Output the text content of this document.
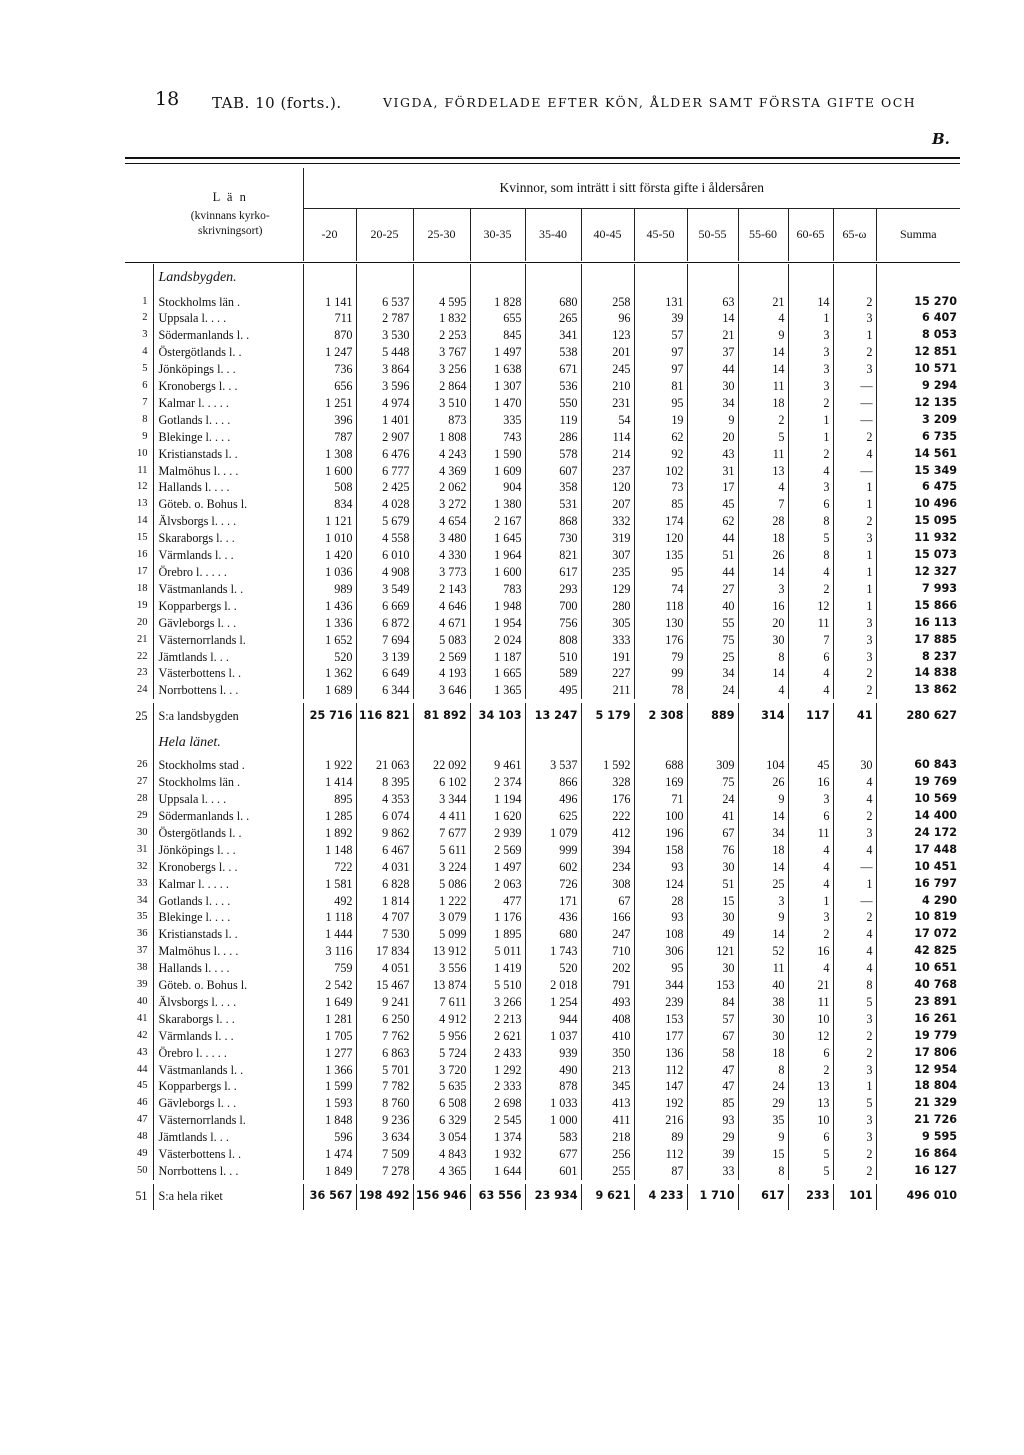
18 TAB. 10 (forts.).	VIGDA, FÖRDELADE EFTER KÖN, ÅLDER SAMT FÖRSTA GIFTE OCH
B.

	L ä n
(kvinnans kyrko-skrivningsort)	Kvinnor, som inträtt i sitt första gifte i åldersåren											
		-20	20-25	25-30	30-35	35-40	40-45	45-50	50-55	55-60	60-65	65-ω	Summa

	Landsbygden.												
1	Stockholms län .	1 141	6 537	4 595	1 828	680	258	131	63	21	14	2	15 270
2	Uppsala l. . . .	711	2 787	1 832	655	265	96	39	14	4	1	3	6 407
3	Södermanlands l. .	870	3 530	2 253	845	341	123	57	21	9	3	1	8 053
4	Östergötlands l. .	1 247	5 448	3 767	1 497	538	201	97	37	14	3	2	12 851
5	Jönköpings l. . .	736	3 864	3 256	1 638	671	245	97	44	14	3	3	10 571
6	Kronobergs l. . .	656	3 596	2 864	1 307	536	210	81	30	11	3	—	9 294
7	Kalmar l. . . . .	1 251	4 974	3 510	1 470	550	231	95	34	18	2	—	12 135
8	Gotlands l. . . .	396	1 401	873	335	119	54	19	9	2	1	—	3 209
9	Blekinge l. . . .	787	2 907	1 808	743	286	114	62	20	5	1	2	6 735
10	Kristianstads l. .	1 308	6 476	4 243	1 590	578	214	92	43	11	2	4	14 561
11	Malmöhus l. . . .	1 600	6 777	4 369	1 609	607	237	102	31	13	4	—	15 349
12	Hallands l. . . .	508	2 425	2 062	904	358	120	73	17	4	3	1	6 475
13	Göteb. o. Bohus l.	834	4 028	3 272	1 380	531	207	85	45	7	6	1	10 496
14	Älvsborgs l. . . .	1 121	5 679	4 654	2 167	868	332	174	62	28	8	2	15 095
15	Skaraborgs l. . .	1 010	4 558	3 480	1 645	730	319	120	44	18	5	3	11 932
16	Värmlands l. . .	1 420	6 010	4 330	1 964	821	307	135	51	26	8	1	15 073
17	Örebro l. . . . .	1 036	4 908	3 773	1 600	617	235	95	44	14	4	1	12 327
18	Västmanlands l. .	989	3 549	2 143	783	293	129	74	27	3	2	1	7 993
19	Kopparbergs l. .	1 436	6 669	4 646	1 948	700	280	118	40	16	12	1	15 866
20	Gävleborgs l. . .	1 336	6 872	4 671	1 954	756	305	130	55	20	11	3	16 113
21	Västernorrlands l.	1 652	7 694	5 083	2 024	808	333	176	75	30	7	3	17 885
22	Jämtlands l. . .	520	3 139	2 569	1 187	510	191	79	25	8	6	3	8 237
23	Västerbottens l. .	1 362	6 649	4 193	1 665	589	227	99	34	14	4	2	14 838
24	Norrbottens l. . .	1 689	6 344	3 646	1 365	495	211	78	24	4	4	2	13 862

25	S:a landsbygden	25 716	116 821	81 892	34 103	13 247	5 179	2 308	889	314	117	41	280 627
	Hela länet.												
26	Stockholms stad .	1 922	21 063	22 092	9 461	3 537	1 592	688	309	104	45	30	60 843
27	Stockholms län .	1 414	8 395	6 102	2 374	866	328	169	75	26	16	4	19 769
28	Uppsala l. . . .	895	4 353	3 344	1 194	496	176	71	24	9	3	4	10 569
29	Södermanlands l. .	1 285	6 074	4 411	1 620	625	222	100	41	14	6	2	14 400
30	Östergötlands l. .	1 892	9 862	7 677	2 939	1 079	412	196	67	34	11	3	24 172
31	Jönköpings l. . .	1 148	6 467	5 611	2 569	999	394	158	76	18	4	4	17 448
32	Kronobergs l. . .	722	4 031	3 224	1 497	602	234	93	30	14	4	—	10 451
33	Kalmar l. . . . .	1 581	6 828	5 086	2 063	726	308	124	51	25	4	1	16 797
34	Gotlands l. . . .	492	1 814	1 222	477	171	67	28	15	3	1	—	4 290
35	Blekinge l. . . .	1 118	4 707	3 079	1 176	436	166	93	30	9	3	2	10 819
36	Kristianstads l. .	1 444	7 530	5 099	1 895	680	247	108	49	14	2	4	17 072
37	Malmöhus l. . . .	3 116	17 834	13 912	5 011	1 743	710	306	121	52	16	4	42 825
38	Hallands l. . . .	759	4 051	3 556	1 419	520	202	95	30	11	4	4	10 651
39	Göteb. o. Bohus l.	2 542	15 467	13 874	5 510	2 018	791	344	153	40	21	8	40 768
40	Älvsborgs l. . . .	1 649	9 241	7 611	3 266	1 254	493	239	84	38	11	5	23 891
41	Skaraborgs l. . .	1 281	6 250	4 912	2 213	944	408	153	57	30	10	3	16 261
42	Värmlands l. . .	1 705	7 762	5 956	2 621	1 037	410	177	67	30	12	2	19 779
43	Örebro l. . . . .	1 277	6 863	5 724	2 433	939	350	136	58	18	6	2	17 806
44	Västmanlands l. .	1 366	5 701	3 720	1 292	490	213	112	47	8	2	3	12 954
45	Kopparbergs l. .	1 599	7 782	5 635	2 333	878	345	147	47	24	13	1	18 804
46	Gävleborgs l. . .	1 593	8 760	6 508	2 698	1 033	413	192	85	29	13	5	21 329
47	Västernorrlands l.	1 848	9 236	6 329	2 545	1 000	411	216	93	35	10	3	21 726
48	Jämtlands l. . .	596	3 634	3 054	1 374	583	218	89	29	9	6	3	9 595
49	Västerbottens l. .	1 474	7 509	4 843	1 932	677	256	112	39	15	5	2	16 864
50	Norrbottens l. . .	1 849	7 278	4 365	1 644	601	255	87	33	8	5	2	16 127

51	S:a hela riket	36 567	198 492	156 946	63 556	23 934	9 621	4 233	1 710	617	233	101	496 010
